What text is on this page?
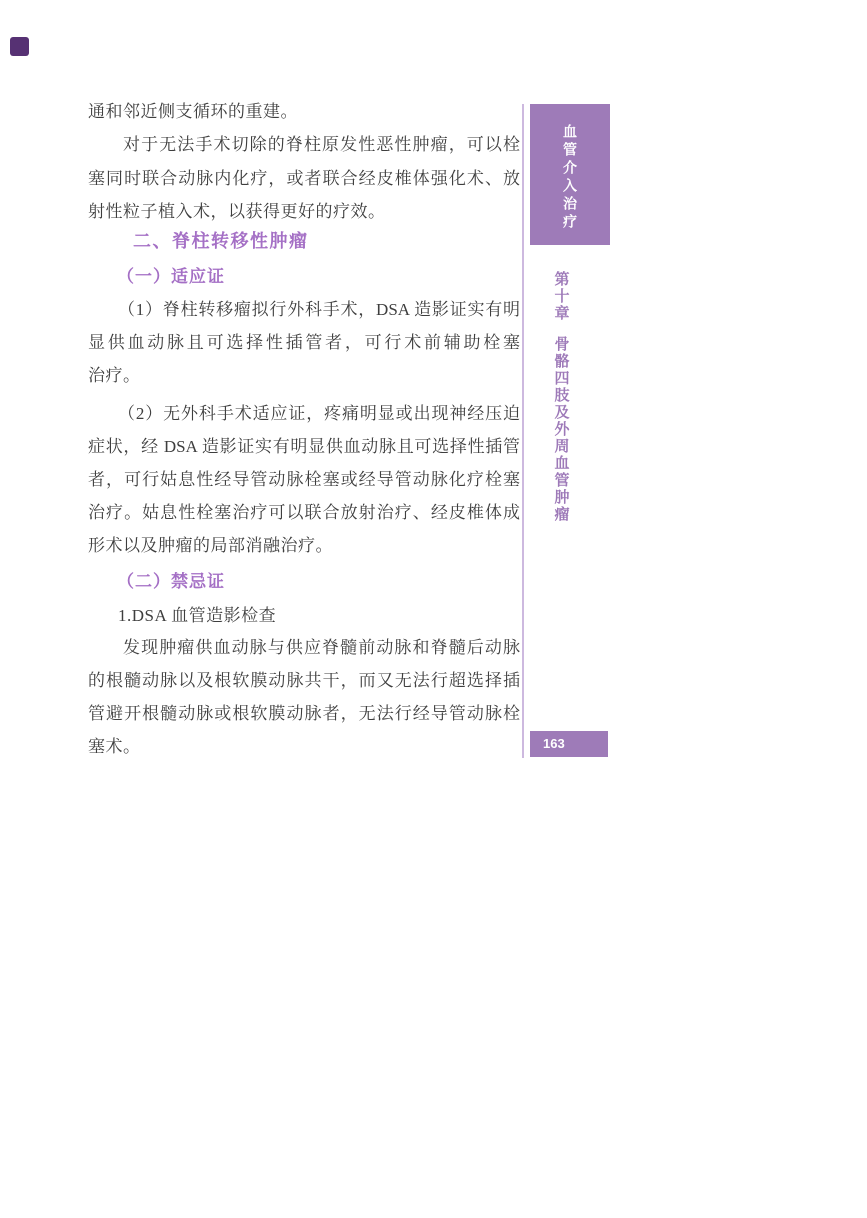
通和邻近侧支循环的重建。
对于无法手术切除的脊柱原发性恶性肿瘤，可以栓
塞同时联合动脉内化疗，或者联合经皮椎体强化术、放
射性粒子植入术，以获得更好的疗效。
二、脊柱转移性肿瘤
（一）适应证
（1）脊柱转移瘤拟行外科手术，DSA 造影证实有明
显供血动脉且可选择性插管者，可行术前辅助栓塞
治疗。
（2）无外科手术适应证，疼痛明显或出现神经压迫
症状，经 DSA 造影证实有明显供血动脉且可选择性插管
者，可行姑息性经导管动脉栓塞或经导管动脉化疗栓塞
治疗。姑息性栓塞治疗可以联合放射治疗、经皮椎体成
形术以及肿瘤的局部消融治疗。
（二）禁忌证
1.DSA 血管造影检查
发现肿瘤供血动脉与供应脊髓前动脉和脊髓后动脉
的根髓动脉以及根软膜动脉共干，而又无法行超选择插
管避开根髓动脉或根软膜动脉者，无法行经导管动脉栓
塞术。
血管介入治疗
第十章骨骼四肢及外周血管肿瘤
163
